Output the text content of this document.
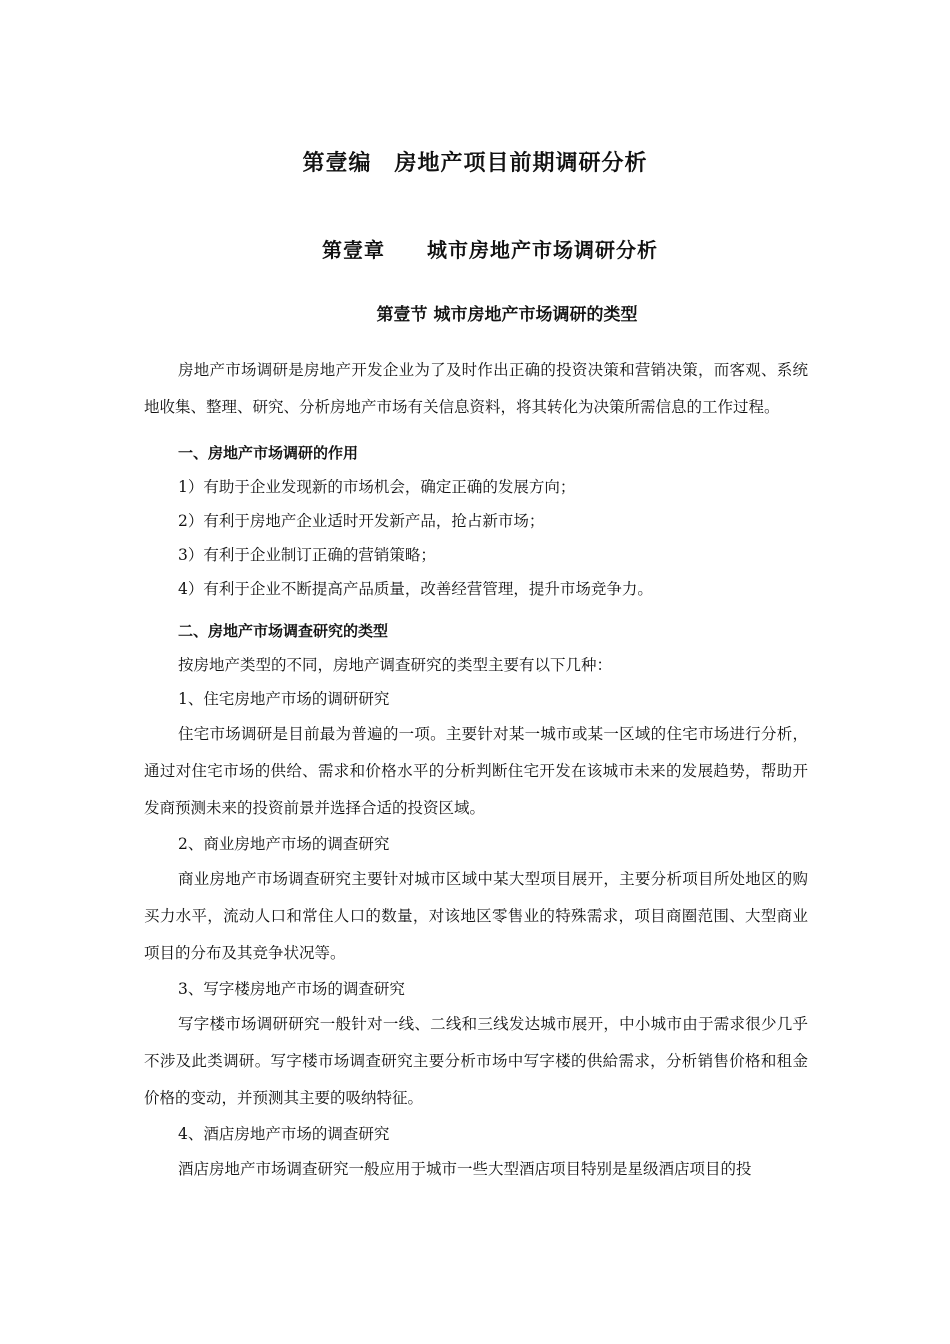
第壹编　房地产项目前期调研分析
第壹章　　城市房地产市场调研分析
第壹节 城市房地产市场调研的类型

房地产市场调研是房地产开发企业为了及时作出正确的投资决策和营销决策，而客观、系统地收集、整理、研究、分析房地产市场有关信息资料，将其转化为决策所需信息的工作过程。

一、房地产市场调研的作用

1）有助于企业发现新的市场机会，确定正确的发展方向；

2）有利于房地产企业适时开发新产品，抢占新市场；

3）有利于企业制订正确的营销策略；

4）有利于企业不断提高产品质量，改善经营管理，提升市场竞争力。

二、房地产市场调查研究的类型

按房地产类型的不同，房地产调查研究的类型主要有以下几种：

1、住宅房地产市场的调研研究

住宅市场调研是目前最为普遍的一项。主要针对某一城市或某一区域的住宅市场进行分析，通过对住宅市场的供给、需求和价格水平的分析判断住宅开发在该城市未来的发展趋势，帮助开发商预测未来的投资前景并选择合适的投资区域。

2、商业房地产市场的调查研究

商业房地产市场调查研究主要针对城市区域中某大型项目展开，主要分析项目所处地区的购买力水平，流动人口和常住人口的数量，对该地区零售业的特殊需求，项目商圈范围、大型商业项目的分布及其竞争状况等。

3、写字楼房地产市场的调查研究

写字楼市场调研研究一般针对一线、二线和三线发达城市展开，中小城市由于需求很少几乎不涉及此类调研。写字楼市场调查研究主要分析市场中写字楼的供給需求，分析销售价格和租金价格的变动，并预测其主要的吸纳特征。

4、酒店房地产市场的调查研究

酒店房地产市场调查研究一般应用于城市一些大型酒店项目特别是星级酒店项目的投
